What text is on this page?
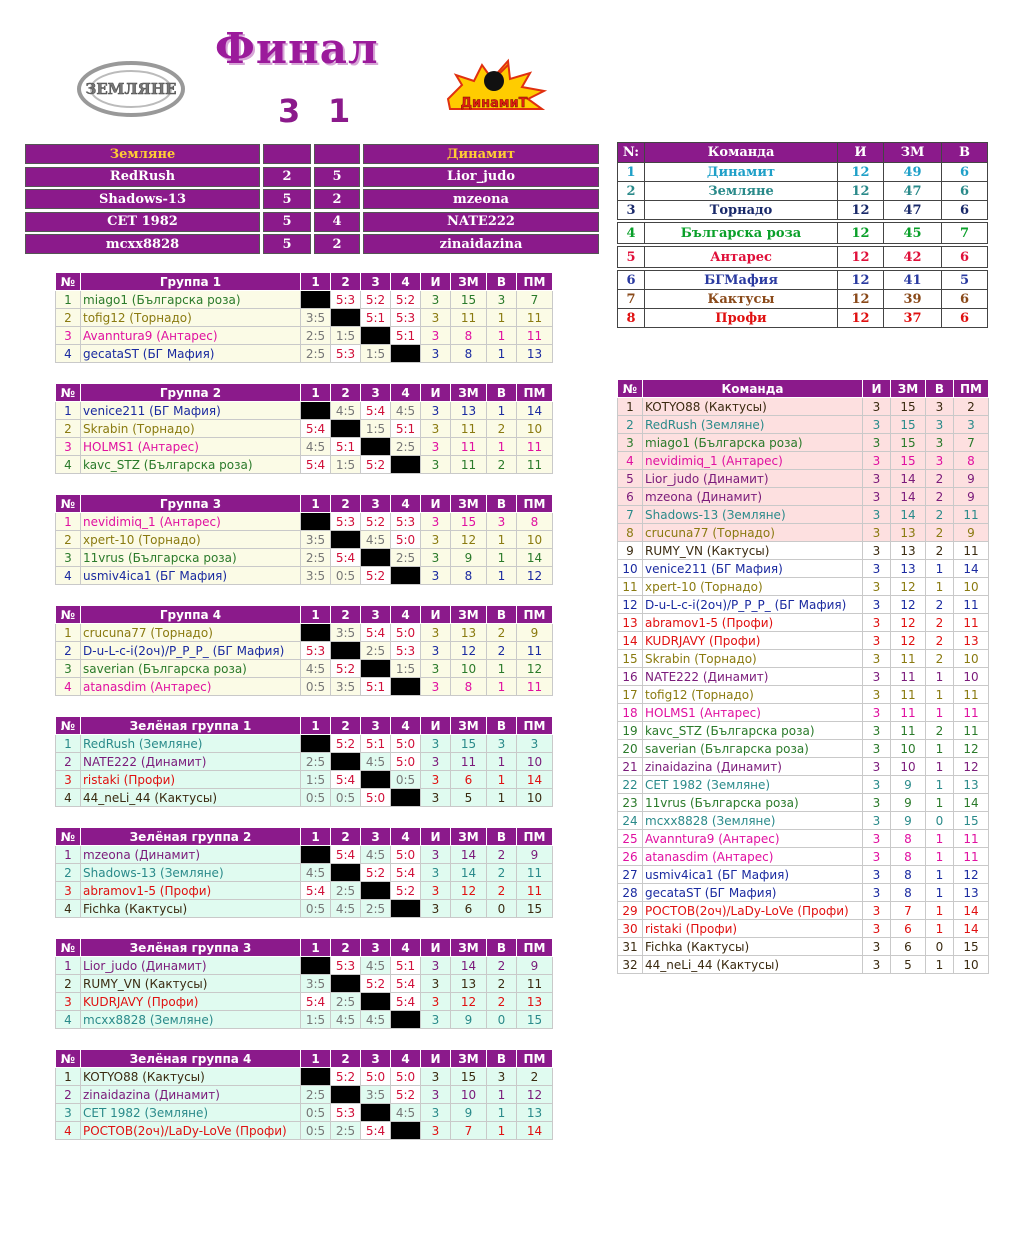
Финал
3 1
ЗЕМЛЯНЕ
ДинамиТ
Земляне	Динамит
RedRush	2	5	Lior_judo
Shadows-13	5	2	mzeona
CET 1982	5	4	NATE222
mcxx8828	5	2	zinaidazina
N:	Команда	И	ЗМ	В
1	Динамит	12	49	6
2	Земляне	12	47	6
3	Торнадо	12	47	6

4	Българска роза	12	45	7

5	Антарес	12	42	6

6	БГМафия	12	41	5
7	Кактусы	12	39	6
8	Профи	12	37	6
№	Группа 1	1	2	3	4	И	ЗМ	В	ПМ
1	miago1 (Българска роза)		5:3	5:2	5:2	3	15	3	7
2	tofig12 (Торнадо)	3:5		5:1	5:3	3	11	1	11
3	Avanntura9 (Антарес)	2:5	1:5		5:1	3	8	1	11
4	gecataST (БГ Мафия)	2:5	5:3	1:5		3	8	1	13
№	Группа 2	1	2	3	4	И	ЗМ	В	ПМ
1	venice211 (БГ Мафия)		4:5	5:4	4:5	3	13	1	14
2	Skrabin (Торнадо)	5:4		1:5	5:1	3	11	2	10
3	HOLMS1 (Антарес)	4:5	5:1		2:5	3	11	1	11
4	kavc_STZ (Българска роза)	5:4	1:5	5:2		3	11	2	11
№	Группа 3	1	2	3	4	И	ЗМ	В	ПМ
1	nevidimiq_1 (Антарес)		5:3	5:2	5:3	3	15	3	8
2	xpert-10 (Торнадо)	3:5		4:5	5:0	3	12	1	10
3	11vrus (Българска роза)	2:5	5:4		2:5	3	9	1	14
4	usmiv4ica1 (БГ Мафия)	3:5	0:5	5:2		3	8	1	12
№	Группа 4	1	2	3	4	И	ЗМ	В	ПМ
1	crucuna77 (Торнадо)		3:5	5:4	5:0	3	13	2	9
2	D-u-L-c-i(2оч)/P_P_P_ (БГ Мафия)	5:3		2:5	5:3	3	12	2	11
3	saverian (Българска роза)	4:5	5:2		1:5	3	10	1	12
4	atanasdim (Антарес)	0:5	3:5	5:1		3	8	1	11
№	Зелёная группа 1	1	2	3	4	И	ЗМ	В	ПМ
1	RedRush (Земляне)		5:2	5:1	5:0	3	15	3	3
2	NATE222 (Динамит)	2:5		4:5	5:0	3	11	1	10
3	ristaki (Профи)	1:5	5:4		0:5	3	6	1	14
4	44_neLi_44 (Кактусы)	0:5	0:5	5:0		3	5	1	10
№	Зелёная группа 2	1	2	3	4	И	ЗМ	В	ПМ
1	mzeona (Динамит)		5:4	4:5	5:0	3	14	2	9
2	Shadows-13 (Земляне)	4:5		5:2	5:4	3	14	2	11
3	abramov1-5 (Профи)	5:4	2:5		5:2	3	12	2	11
4	Fichka (Кактусы)	0:5	4:5	2:5		3	6	0	15
№	Зелёная группа 3	1	2	3	4	И	ЗМ	В	ПМ
1	Lior_judo (Динамит)		5:3	4:5	5:1	3	14	2	9
2	RUMY_VN (Кактусы)	3:5		5:2	5:4	3	13	2	11
3	KUDRJAVY (Профи)	5:4	2:5		5:4	3	12	2	13
4	mcxx8828 (Земляне)	1:5	4:5	4:5		3	9	0	15
№	Зелёная группа 4	1	2	3	4	И	ЗМ	В	ПМ
1	KOTYO88 (Кактусы)		5:2	5:0	5:0	3	15	3	2
2	zinaidazina (Динамит)	2:5		3:5	5:2	3	10	1	12
3	CET 1982 (Земляне)	0:5	5:3		4:5	3	9	1	13
4	РОСТОВ(2оч)/LaDy-LoVe (Профи)	0:5	2:5	5:4		3	7	1	14
№	Команда	И	ЗМ	В	ПМ
1	KOTYO88 (Кактусы)	3	15	3	2
2	RedRush (Земляне)	3	15	3	3
3	miago1 (Българска роза)	3	15	3	7
4	nevidimiq_1 (Антарес)	3	15	3	8
5	Lior_judo (Динамит)	3	14	2	9
6	mzeona (Динамит)	3	14	2	9
7	Shadows-13 (Земляне)	3	14	2	11
8	crucuna77 (Торнадо)	3	13	2	9
9	RUMY_VN (Кактусы)	3	13	2	11
10	venice211 (БГ Мафия)	3	13	1	14
11	xpert-10 (Торнадо)	3	12	1	10
12	D-u-L-c-i(2оч)/P_P_P_ (БГ Мафия)	3	12	2	11
13	abramov1-5 (Профи)	3	12	2	11
14	KUDRJAVY (Профи)	3	12	2	13
15	Skrabin (Торнадо)	3	11	2	10
16	NATE222 (Динамит)	3	11	1	10
17	tofig12 (Торнадо)	3	11	1	11
18	HOLMS1 (Антарес)	3	11	1	11
19	kavc_STZ (Българска роза)	3	11	2	11
20	saverian (Българска роза)	3	10	1	12
21	zinaidazina (Динамит)	3	10	1	12
22	CET 1982 (Земляне)	3	9	1	13
23	11vrus (Българска роза)	3	9	1	14
24	mcxx8828 (Земляне)	3	9	0	15
25	Avanntura9 (Антарес)	3	8	1	11
26	atanasdim (Антарес)	3	8	1	11
27	usmiv4ica1 (БГ Мафия)	3	8	1	12
28	gecataST (БГ Мафия)	3	8	1	13
29	РОСТОВ(2оч)/LaDy-LoVe (Профи)	3	7	1	14
30	ristaki (Профи)	3	6	1	14
31	Fichka (Кактусы)	3	6	0	15
32	44_neLi_44 (Кактусы)	3	5	1	10
